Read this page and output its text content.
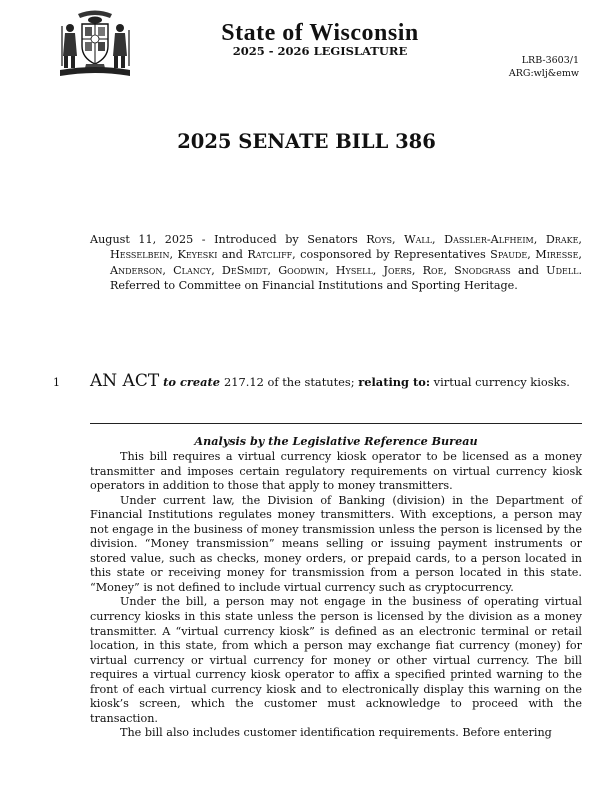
State of Wisconsin
2025 - 2026 LEGISLATURE
LRB-3603/1
ARG:wlj&emw
2025 SENATE BILL 386
August 11, 2025 - Introduced by Senators Roys, Wall, Dassler-Alfheim, Drake, Hesselbein, Keyeski and Ratcliff, cosponsored by Representatives Spaude, Miresse, Anderson, Clancy, DeSmidt, Goodwin, Hysell, Joers, Roe, Snodgrass and Udell. Referred to Committee on Financial Institutions and Sporting Heritage.
1 AN ACT to create 217.12 of the statutes; relating to: virtual currency kiosks.
Analysis by the Legislative Reference Bureau

This bill requires a virtual currency kiosk operator to be licensed as a money transmitter and imposes certain regulatory requirements on virtual currency kiosk operators in addition to those that apply to money transmitters.

Under current law, the Division of Banking (division) in the Department of Financial Institutions regulates money transmitters. With exceptions, a person may not engage in the business of money transmission unless the person is licensed by the division. “Money transmission” means selling or issuing payment instruments or stored value, such as checks, money orders, or prepaid cards, to a person located in this state or receiving money for transmission from a person located in this state. “Money” is not defined to include virtual currency such as cryptocurrency.

Under the bill, a person may not engage in the business of operating virtual currency kiosks in this state unless the person is licensed by the division as a money transmitter. A “virtual currency kiosk” is defined as an electronic terminal or retail location, in this state, from which a person may exchange fiat currency (money) for virtual currency or virtual currency for money or other virtual currency. The bill requires a virtual currency kiosk operator to affix a specified printed warning to the front of each virtual currency kiosk and to electronically display this warning on the kiosk’s screen, which the customer must acknowledge to proceed with the transaction.

The bill also includes customer identification requirements. Before entering
